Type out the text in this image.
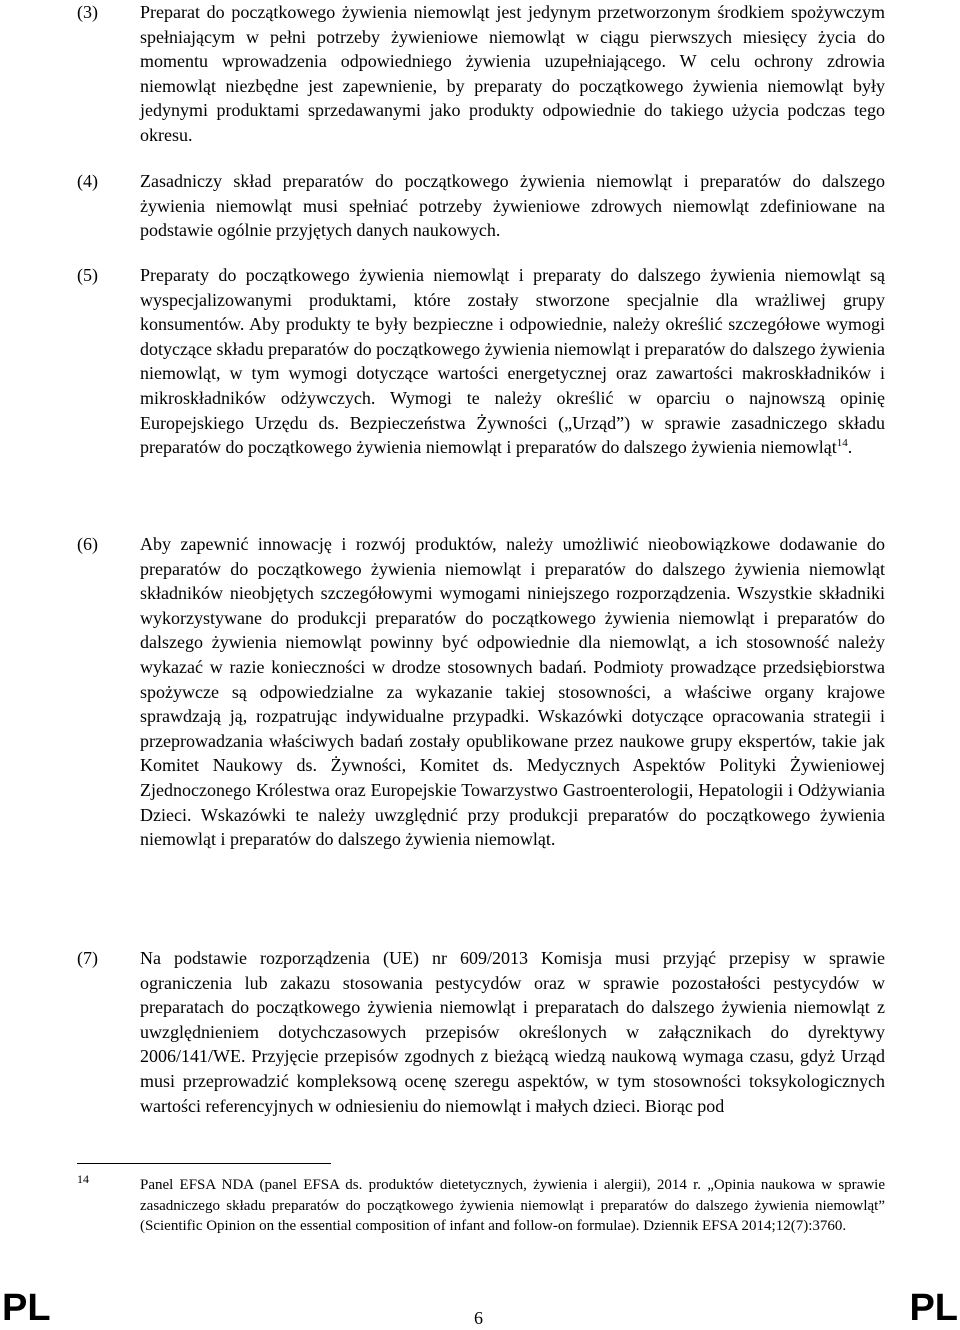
(3) Preparat do początkowego żywienia niemowląt jest jedynym przetworzonym środkiem spożywczym spełniającym w pełni potrzeby żywieniowe niemowląt w ciągu pierwszych miesięcy życia do momentu wprowadzenia odpowiedniego żywienia uzupełniającego. W celu ochrony zdrowia niemowląt niezbędne jest zapewnienie, by preparaty do początkowego żywienia niemowląt były jedynymi produktami sprzedawanymi jako produkty odpowiednie do takiego użycia podczas tego okresu.
(4) Zasadniczy skład preparatów do początkowego żywienia niemowląt i preparatów do dalszego żywienia niemowląt musi spełniać potrzeby żywieniowe zdrowych niemowląt zdefiniowane na podstawie ogólnie przyjętych danych naukowych.
(5) Preparaty do początkowego żywienia niemowląt i preparaty do dalszego żywienia niemowląt są wyspecjalizowanymi produktami, które zostały stworzone specjalnie dla wrażliwej grupy konsumentów. Aby produkty te były bezpieczne i odpowiednie, należy określić szczegółowe wymogi dotyczące składu preparatów do początkowego żywienia niemowląt i preparatów do dalszego żywienia niemowląt, w tym wymogi dotyczące wartości energetycznej oraz zawartości makroskładników i mikroskładników odżywczych. Wymogi te należy określić w oparciu o najnowszą opinię Europejskiego Urzędu ds. Bezpieczeństwa Żywności („Urząd”) w sprawie zasadniczego składu preparatów do początkowego żywienia niemowląt i preparatów do dalszego żywienia niemowląt$^{14}$.
(6) Aby zapewnić innowację i rozwój produktów, należy umożliwić nieobowiązkowe dodawanie do preparatów do początkowego żywienia niemowląt i preparatów do dalszego żywienia niemowląt składników nieobjętych szczegółowymi wymogami niniejszego rozporządzenia. Wszystkie składniki wykorzystywane do produkcji preparatów do początkowego żywienia niemowląt i preparatów do dalszego żywienia niemowląt powinny być odpowiednie dla niemowląt, a ich stosowność należy wykazać w razie konieczności w drodze stosownych badań. Podmioty prowadzące przedsiębiorstwa spożywcze są odpowiedzialne za wykazanie takiej stosowności, a właściwe organy krajowe sprawdzają ją, rozpatrując indywidualne przypadki. Wskazówki dotyczące opracowania strategii i przeprowadzania właściwych badań zostały opublikowane przez naukowe grupy ekspertów, takie jak Komitet Naukowy ds. Żywności, Komitet ds. Medycznych Aspektów Polityki Żywieniowej Zjednoczonego Królestwa oraz Europejskie Towarzystwo Gastroenterologii, Hepatologii i Odżywiania Dzieci. Wskazówki te należy uwzględnić przy produkcji preparatów do początkowego żywienia niemowląt i preparatów do dalszego żywienia niemowląt.
(7) Na podstawie rozporządzenia (UE) nr 609/2013 Komisja musi przyjąć przepisy w sprawie ograniczenia lub zakazu stosowania pestycydów oraz w sprawie pozostałości pestycydów w preparatach do początkowego żywienia niemowląt i preparatach do dalszego żywienia niemowląt z uwzględnieniem dotychczasowych przepisów określonych w załącznikach do dyrektywy 2006/141/WE. Przyjęcie przepisów zgodnych z bieżącą wiedzą naukową wymaga czasu, gdyż Urząd musi przeprowadzić kompleksową ocenę szeregu aspektów, w tym stosowności toksykologicznych wartości referencyjnych w odniesieniu do niemowląt i małych dzieci. Biorąc pod
14	Panel EFSA NDA (panel EFSA ds. produktów dietetycznych, żywienia i alergii), 2014 r. „Opinia naukowa w sprawie zasadniczego składu preparatów do początkowego żywienia niemowląt i preparatów do dalszego żywienia niemowląt” (Scientific Opinion on the essential composition of infant and follow-on formulae). Dziennik EFSA 2014;12(7):3760.
PL	6	PL
